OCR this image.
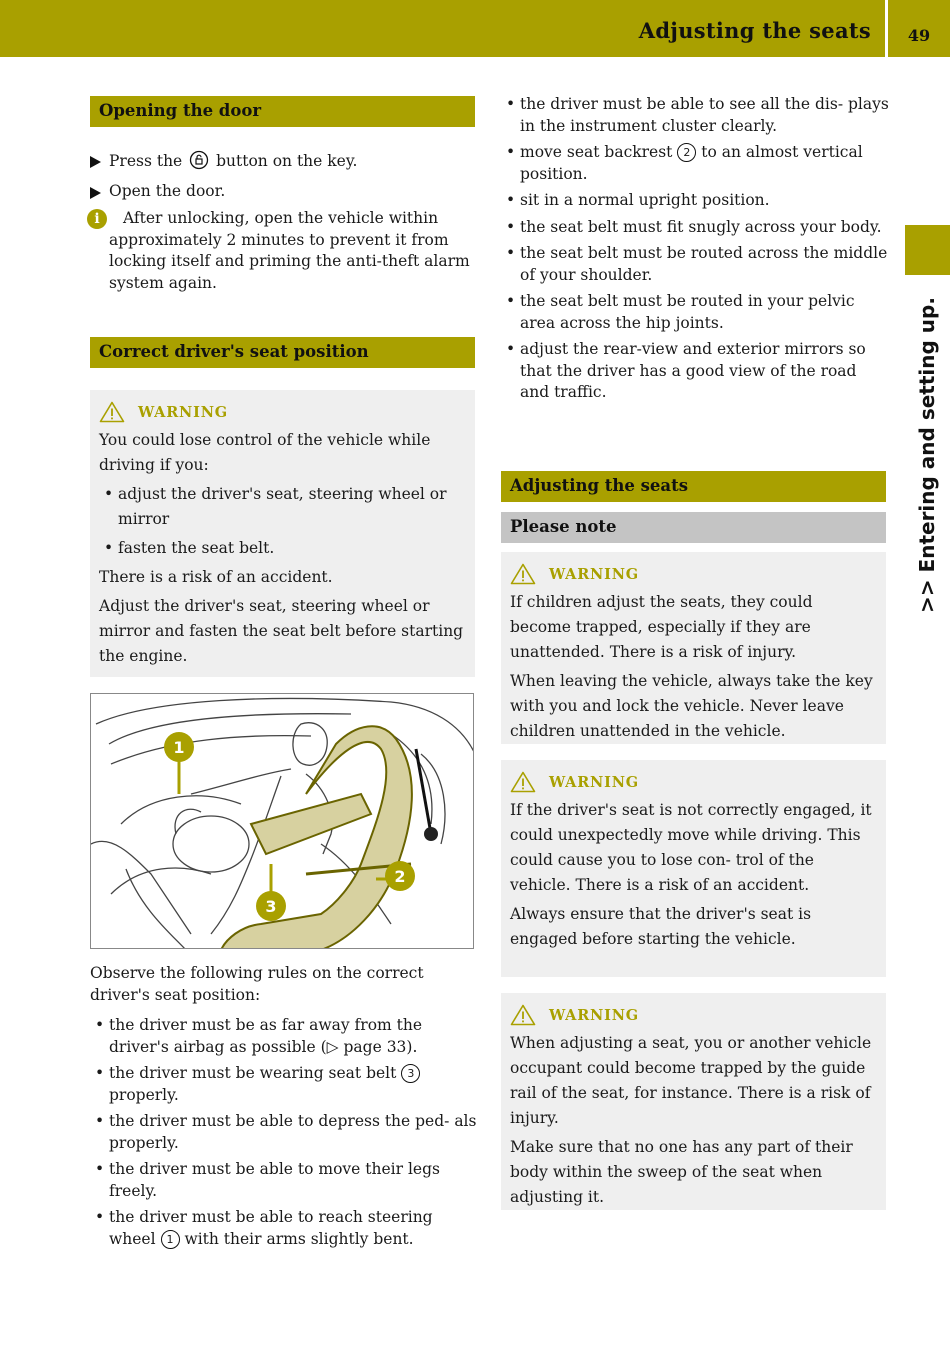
Adjusting the seats	49
>> Entering and setting up.
Opening the door
Press the button on the key.
Open the door.
i	After unlocking, open the vehicle within approximately 2 minutes to prevent it from locking itself and priming the anti-theft alarm system again.
Correct driver's seat position
WARNING

You could lose control of the vehicle while driving if you:

• adjust the driver's seat, steering wheel or mirror
• fasten the seat belt.

There is a risk of an accident.

Adjust the driver's seat, steering wheel or mirror and fasten the seat belt before starting the engine.

1
2
3
Observe the following rules on the correct driver's seat position:
• the driver must be as far away from the driver's airbag as possible (▷ page 33).
• the driver must be wearing seat belt 3 properly.
• the driver must be able to depress the ped- als properly.
• the driver must be able to move their legs freely.
• the driver must be able to reach steering wheel 1 with their arms slightly bent.
• the driver must be able to see all the dis- plays in the instrument cluster clearly.
• move seat backrest 2 to an almost vertical position.
• sit in a normal upright position.
• the seat belt must fit snugly across your body.
• the seat belt must be routed across the middle of your shoulder.
• the seat belt must be routed in your pelvic area across the hip joints.
• adjust the rear-view and exterior mirrors so that the driver has a good view of the road and traffic.
Adjusting the seats
Please note
WARNING

If children adjust the seats, they could become trapped, especially if they are unattended. There is a risk of injury.

When leaving the vehicle, always take the key with you and lock the vehicle. Never leave children unattended in the vehicle.

WARNING

If the driver's seat is not correctly engaged, it could unexpectedly move while driving. This could cause you to lose con- trol of the vehicle. There is a risk of an accident.

Always ensure that the driver's seat is engaged before starting the vehicle.

WARNING

When adjusting a seat, you or another vehicle occupant could become trapped by the guide rail of the seat, for instance. There is a risk of injury.

Make sure that no one has any part of their body within the sweep of the seat when adjusting it.
